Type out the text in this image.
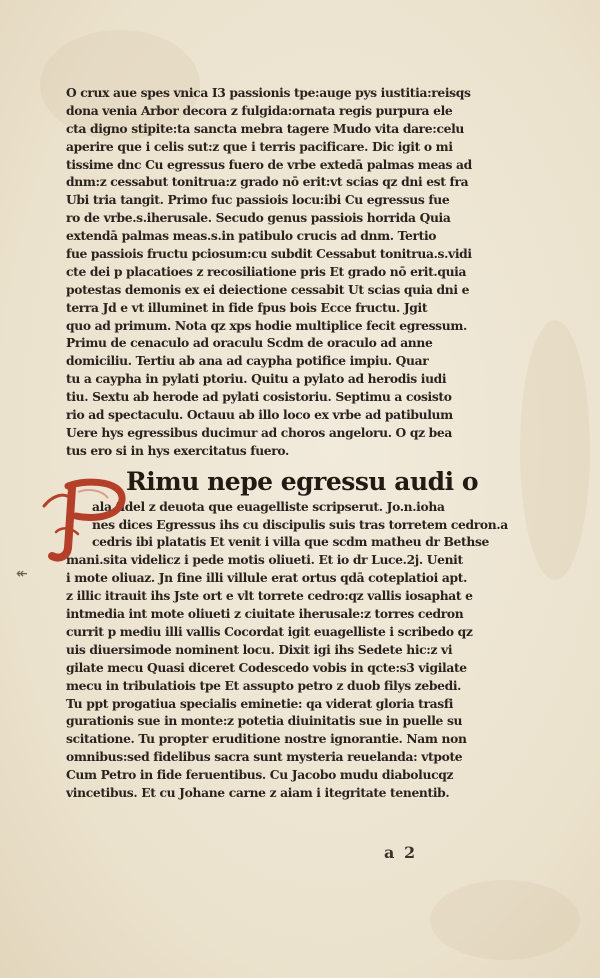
O crux aue spes vnica I3 passionis tpe:auge pys iustitia:reisqs
dona venia Arbor decora z fulgida:ornata regis purpura ele
cta digno stipite:ta sancta mebra tagere Mudo vita dare:celu
aperire que i celis sut:z que i terris pacificare. Dic igit o mi
tissime dnc Cu egressus fuero de vrbe extedā palmas meas ad
dnm:z cessabut tonitrua:z grado nō erit:vt scias qz dni est fra
Ubi tria tangit. Primo fuc passiois locu:ibi Cu egressus fue
ro de vrbe.s.iherusale. Secudo genus passiois horrida Quia
extendā palmas meas.s.in patibulo crucis ad dnm. Tertio
fue passiois fructu pciosum:cu subdit Cessabut tonitrua.s.vidi
cte dei p placatioes z recosiliatione pris Et grado nō erit.quia
potestas demonis ex ei deiectione cessabit Ut scias quia dni e
terra Jd e vt illuminet in fide fpus bois Ecce fructu. Jgit
quo ad primum. Nota qz xps hodie multiplice fecit egressum.
Primu de cenaculo ad oraculu Scdm de oraculo ad anne
domiciliu. Tertiu ab ana ad caypha potifice impiu. Quar
tu a caypha in pylati ptoriu. Quitu a pylato ad herodis iudi
tiu. Sextu ab herode ad pylati cosistoriu. Septimu a cosisto
rio ad spectaculu. Octauu ab illo loco ex vrbe ad patibulum
Uere hys egressibus ducimur ad choros angeloru. O qz bea
tus ero si in hys exercitatus fuero.
Rimu nepe egressu audi o
ala fidel z deuota que euagelliste scripserut. Jo.n.ioha
nes dices Egressus ihs cu discipulis suis tras torretem cedron.a
cedris ibi platatis Et venit i villa que scdm matheu dr Bethse
mani.sita videlicz i pede motis oliueti. Et io dr Luce.2j. Uenit
i mote oliuaz. Jn fine illi villule erat ortus qdā coteplatioi apt.
z illic itrauit ihs Jste ort e vlt torrete cedro:qz vallis iosaphat e
intmedia int mote oliueti z ciuitate iherusale:z torres cedron
currit p mediu illi vallis Cocordat igit euagelliste i scribedo qz
uis diuersimode nominent locu. Dixit igi ihs Sedete hic:z vi
gilate mecu Quasi diceret Codescedo vobis in qcte:s3 vigilate
mecu in tribulatiois tpe Et assupto petro z duob filys zebedi.
Tu ppt progatiua specialis eminetie: qa viderat gloria trasfi
gurationis sue in monte:z potetia diuinitatis sue in puelle su
scitatione. Tu propter eruditione nostre ignorantie. Nam non
omnibus:sed fidelibus sacra sunt mysteria reuelanda: vtpote
Cum Petro in fide feruentibus. Cu Jacobo mudu diabolucqz
vincetibus. Et cu Johane carne z aiam i itegritate tenentib.
P
↞
a 2
